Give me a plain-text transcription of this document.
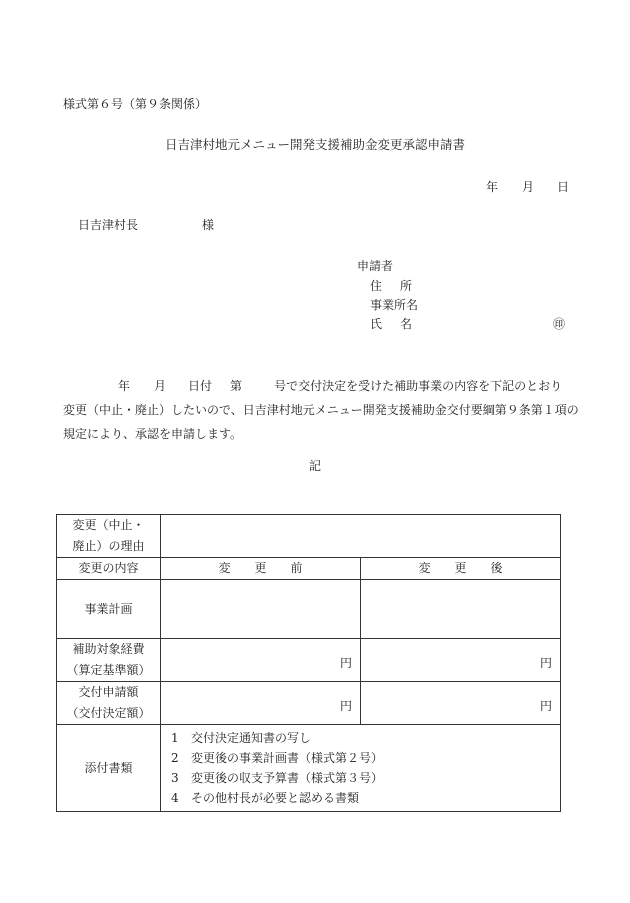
様式第６号（第９条関係）
日吉津村地元メニュー開発支援補助金変更承認申請書
年 月 日
日吉津村長	様
申請者
住 所
事業所名
氏 名	㊞
年 月 日付 第	号で交付決定を受けた補助事業の内容を下記のとおり
変更（中止・廃止）したいので、日吉津村地元メニュー開発支援補助金交付要綱第９条第１項の
規定により、承認を申請します。
記
変更（中止・
廃止）の理由		

変更の内容	変　　更　　前	変　　更　　後
事業計画		

補助対象経費
（算定基準額）	円	円

交付申請額
（交付決定額）	円	円
添付書類	1 交付決定通知書の写し
2 変更後の事業計画書（様式第２号）
3 変更後の収支予算書（様式第３号）
4 その他村長が必要と認める書類	
